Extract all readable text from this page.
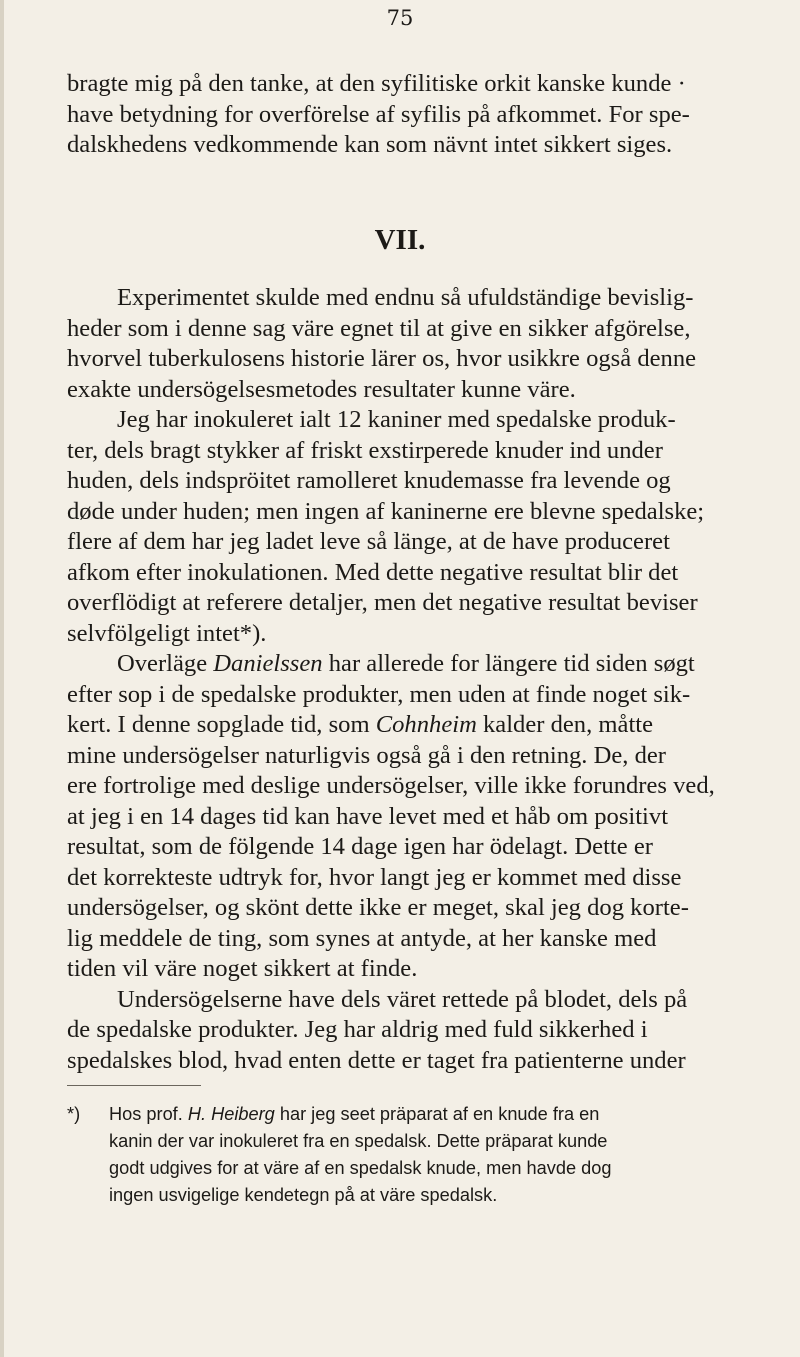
75

bragte mig på den tanke, at den syfilitiske orkit kanske kunde ·
have betydning for overförelse af syfilis på afkommet. For spe-
dalskhedens vedkommende kan som nävnt intet sikkert siges.

VII.

Experimentet skulde med endnu så ufuldständige bevislig-
heder som i denne sag väre egnet til at give en sikker afgörelse,
hvorvel tuberkulosens historie lärer os, hvor usikkre også denne
exakte undersögelsesmetodes resultater kunne väre.

Jeg har inokuleret ialt 12 kaniner med spedalske produk-
ter, dels bragt stykker af friskt exstirperede knuder ind under
huden, dels indspröitet ramolleret knudemasse fra levende og
døde under huden; men ingen af kaninerne ere blevne spedalske;
flere af dem har jeg ladet leve så länge, at de have produceret
afkom efter inokulationen. Med dette negative resultat blir det
overflödigt at referere detaljer, men det negative resultat beviser
selvfölgeligt intet*).

Overläge Danielssen har allerede for längere tid siden søgt
efter sop i de spedalske produkter, men uden at finde noget sik-
kert. I denne sopglade tid, som Cohnheim kalder den, måtte
mine undersögelser naturligvis også gå i den retning. De, der
ere fortrolige med deslige undersögelser, ville ikke forundres ved,
at jeg i en 14 dages tid kan have levet med et håb om positivt
resultat, som de fölgende 14 dage igen har ödelagt. Dette er
det korrekteste udtryk for, hvor langt jeg er kommet med disse
undersögelser, og skönt dette ikke er meget, skal jeg dog korte-
lig meddele de ting, som synes at antyde, at her kanske med
tiden vil väre noget sikkert at finde.

Undersögelserne have dels väret rettede på blodet, dels på
de spedalske produkter. Jeg har aldrig med fuld sikkerhed i
spedalskes blod, hvad enten dette er taget fra patienterne under

*) Hos prof. H. Heiberg har jeg seet präparat af en knude fra en

kanin der var inokuleret fra en spedalsk. Dette präparat kunde
godt udgives for at väre af en spedalsk knude, men havde dog
ingen usvigelige kendetegn på at väre spedalsk.
